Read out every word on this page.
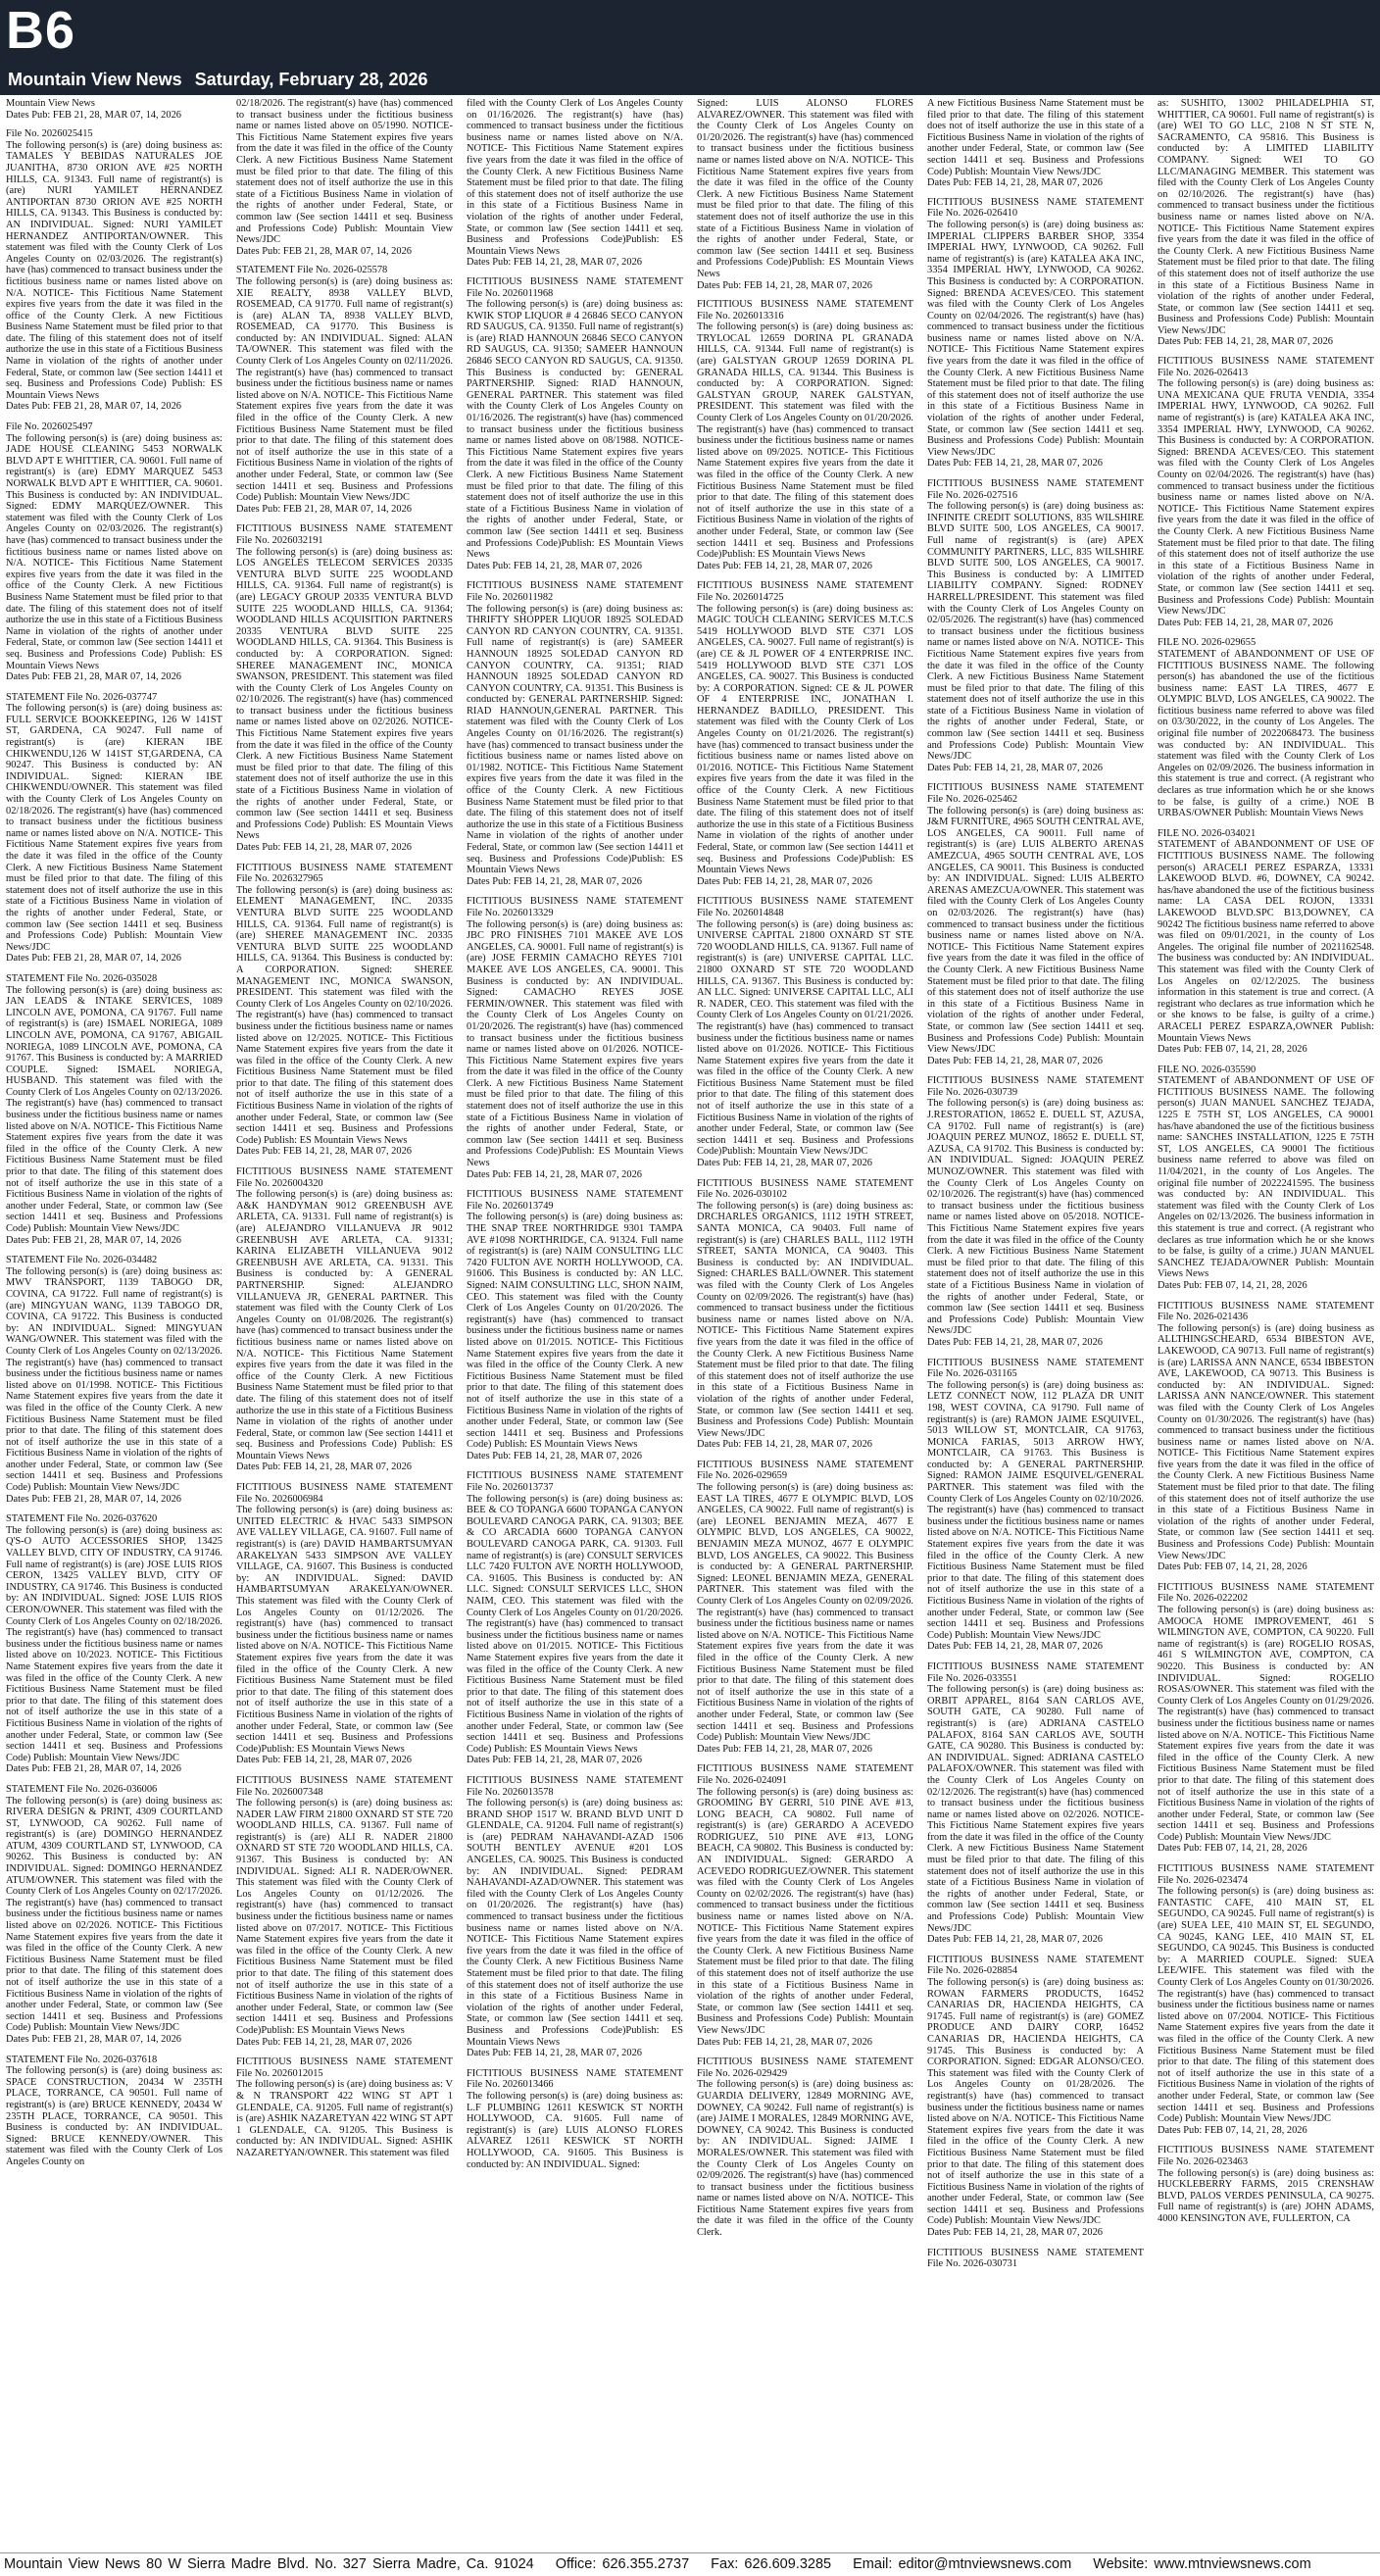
B6
Mountain View News Saturday, February 28, 2026
Mountain View News
Dates Pub: FEB 21, 28, MAR 07, 14, 2026
File No. 2026025415
The following person(s) is (are) doing business as: TAMALES Y BEBIDAS NATURALES JOE JUANITHA, 8730 ORION AVE #25 NORTH HILLS, CA. 91343. Full name of registrant(s) is (are) NURI YAMILET HERNANDEZ ANTIPORTAN 8730 ORION AVE #25 NORTH HILLS, CA. 91343. This Business is conducted by: AN INDIVIDUAL. Signed: NURI YAMILET HERNANDEZ ANTIPORTAN/OWNER. This statement was filed with the County Clerk of Los Angeles County on 02/03/2026. The registrant(s) have (has) commenced to transact business under the fictitious business name or names listed above on N/A. NOTICE- This Fictitious Name Statement expires five years from the date it was filed in the office of the County Clerk. A new Fictitious Business Name Statement must be filed prior to that date. The filing of this statement does not of itself authorize the use in this state of a Fictitious Business Name in violation of the rights of another under Federal, State, or common law (See section 14411 et seq. Business and Professions Code) Publish: ES Mountain Views News
Dates Pub: FEB 21, 28, MAR 07, 14, 2026
File No. 2026025497
The following person(s) is (are) doing business as: JADE HOUSE CLEANING 5453 NORWALK BLVD APT E WHITTIER, CA. 90601. Full name of registrant(s) is (are) EDMY MARQUEZ 5453 NORWALK BLVD APT E WHITTIER, CA. 90601. This Business is conducted by: AN INDIVIDUAL. Signed: EDMY MARQUEZ/OWNER. This statement was filed with the County Clerk of Los Angeles County on 02/03/2026. The registrant(s) have (has) commenced to transact business under the fictitious business name or names listed above on N/A. NOTICE- This Fictitious Name Statement expires five years from the date it was filed in the office of the County Clerk. A new Fictitious Business Name Statement must be filed prior to that date. The filing of this statement does not of itself authorize the use in this state of a Fictitious Business Name in violation of the rights of another under Federal, State, or common law (See section 14411 et seq. Business and Professions Code) Publish: ES Mountain Views News
Dates Pub: FEB 21, 28, MAR 07, 14, 2026
STATEMENT File No. 2026-037747
The following person(s) is (are) doing business as: FULL SERVICE BOOKKEEPING, 126 W 141ST ST, GARDENA, CA 90247. Full name of registrant(s) is (are) KIERAN IBE CHIKWENDU,126 W 141ST ST,GARDENA, CA 90247. This Business is conducted by: AN INDIVIDUAL. Signed: KIERAN IBE CHIKWENDU/OWNER. This statement was filed with the County Clerk of Los Angeles County on 02/18/2026. The registrant(s) have (has) commenced to transact business under the fictitious business name or names listed above on N/A. NOTICE- This Fictitious Name Statement expires five years from the date it was filed in the office of the County Clerk. A new Fictitious Business Name Statement must be filed prior to that date. The filing of this statement does not of itself authorize the use in this state of a Fictitious Business Name in violation of the rights of another under Federal, State, or common law (See section 14411 et seq. Business and Professions Code) Publish: Mountain View News/JDC
Dates Pub: FEB 21, 28, MAR 07, 14, 2026
STATEMENT File No. 2026-035028
The following person(s) is (are) doing business as: JAN LEADS & INTAKE SERVICES, 1089 LINCOLN AVE, POMONA, CA 91767. Full name of registrant(s) is (are) ISMAEL NORIEGA, 1089 LINCOLN AVE, POMONA, CA 91767, ABIGAIL NORIEGA, 1089 LINCOLN AVE, POMONA, CA 91767. This Business is conducted by: A MARRIED COUPLE. Signed: ISMAEL NORIEGA, HUSBAND. This statement was filed with the County Clerk of Los Angeles County on 02/13/2026. The registrant(s) have (has) commenced to transact business under the fictitious business name or names listed above on N/A. NOTICE- This Fictitious Name Statement expires five years from the date it was filed in the office of the County Clerk. A new Fictitious Business Name Statement must be filed prior to that date. The filing of this statement does not of itself authorize the use in this state of a Fictitious Business Name in violation of the rights of another under Federal, State, or common law (See section 14411 et seq. Business and Professions Code) Publish: Mountain View News/JDC
Dates Pub: FEB 21, 28, MAR 07, 14, 2026
STATEMENT File No. 2026-034482
The following person(s) is (are) doing business as: MWV TRANSPORT, 1139 TABOGO DR, COVINA, CA 91722. Full name of registrant(s) is (are) MINGYUAN WANG, 1139 TABOGO DR, COVINA, CA 91722. This Business is conducted by: AN INDIVIDUAL. Signed: MINGYUAN WANG/OWNER. This statement was filed with the County Clerk of Los Angeles County on 02/13/2026. The registrant(s) have (has) commenced to transact business under the fictitious business name or names listed above on 01/1998. NOTICE- This Fictitious Name Statement expires five years from the date it was filed in the office of the County Clerk. A new Fictitious Business Name Statement must be filed prior to that date. The filing of this statement does not of itself authorize the use in this state of a Fictitious Business Name in violation of the rights of another under Federal, State, or common law (See section 14411 et seq. Business and Professions Code) Publish: Mountain View News/JDC
Dates Pub: FEB 21, 28, MAR 07, 14, 2026
STATEMENT File No. 2026-037620
The following person(s) is (are) doing business as: Q'S-O AUTO ACCESSORIES SHOP, 13425 VALLEY BLVD, CITY OF INDUSTRY, CA 91746. Full name of registrant(s) is (are) JOSE LUIS RIOS CERON, 13425 VALLEY BLVD, CITY OF INDUSTRY, CA 91746. This Business is conducted by: AN INDIVIDUAL. Signed: JOSE LUIS RIOS CERON/OWNER. This statement was filed with the County Clerk of Los Angeles County on 02/18/2026. The registrant(s) have (has) commenced to transact business under the fictitious business name or names listed above on 10/2023. NOTICE- This Fictitious Name Statement expires five years from the date it was filed in the office of the County Clerk. A new Fictitious Business Name Statement must be filed prior to that date. The filing of this statement does not of itself authorize the use in this state of a Fictitious Business Name in violation of the rights of another under Federal, State, or common law (See section 14411 et seq. Business and Professions Code) Publish: Mountain View News/JDC
Dates Pub: FEB 21, 28, MAR 07, 14, 2026
STATEMENT File No. 2026-036006
The following person(s) is (are) doing business as: RIVERA DESIGN & PRINT, 4309 COURTLAND ST, LYNWOOD, CA 90262. Full name of registrant(s) is (are) DOMINGO HERNANDEZ ATUM, 4309 COURTLAND ST, LYNWOOD, CA 90262. This Business is conducted by: AN INDIVIDUAL. Signed: DOMINGO HERNANDEZ ATUM/OWNER. This statement was filed with the County Clerk of Los Angeles County on 02/17/2026. The registrant(s) have (has) commenced to transact business under the fictitious business name or names listed above on 02/2026. NOTICE- This Fictitious Name Statement expires five years from the date it was filed in the office of the County Clerk. A new Fictitious Business Name Statement must be filed prior to that date. The filing of this statement does not of itself authorize the use in this state of a Fictitious Business Name in violation of the rights of another under Federal, State, or common law (See section 14411 et seq. Business and Professions Code) Publish: Mountain View News/JDC
Dates Pub: FEB 21, 28, MAR 07, 14, 2026
STATEMENT File No. 2026-037618
The following person(s) is (are) doing business as: SPACE CONSTRUCTION, 20434 W 235TH PLACE, TORRANCE, CA 90501. Full name of registrant(s) is (are) BRUCE KENNEDY, 20434 W 235TH PLACE, TORRANCE, CA 90501. This Business is conducted by: AN INDIVIDUAL. Signed: BRUCE KENNEDY/OWNER. This statement was filed with the County Clerk of Los Angeles County on
02/18/2026. The registrant(s) have (has) commenced to transact business under the fictitious business name or names listed above on 05/1990. NOTICE- This Fictitious Name Statement expires five years from the date it was filed in the office of the County Clerk. A new Fictitious Business Name Statement must be filed prior to that date. The filing of this statement does not of itself authorize the use in this state of a Fictitious Business Name in violation of the rights of another under Federal, State, or common law (See section 14411 et seq. Business and Professions Code) Publish: Mountain View News/JDC
Dates Pub: FEB 21, 28, MAR 07, 14, 2026
STATEMENT File No. 2026-025578
The following person(s) is (are) doing business as: XIE REALTY, 8938 VALLEY BLVD, ROSEMEAD, CA 91770. Full name of registrant(s) is (are) ALAN TA, 8938 VALLEY BLVD, ROSEMEAD, CA 91770. This Business is conducted by: AN INDIVIDUAL. Signed: ALAN TA/OWNER. This statement was filed with the County Clerk of Los Angeles County on 02/11/2026. The registrant(s) have (has) commenced to transact business under the fictitious business name or names listed above on N/A. NOTICE- This Fictitious Name Statement expires five years from the date it was filed in the office of the County Clerk. A new Fictitious Business Name Statement must be filed prior to that date. The filing of this statement does not of itself authorize the use in this state of a Fictitious Business Name in violation of the rights of another under Federal, State, or common law (See section 14411 et seq. Business and Professions Code) Publish: Mountain View News/JDC
Dates Pub: FEB 21, 28, MAR 07, 14, 2026
FICTITIOUS BUSINESS NAME STATEMENT File No. 2026032191
The following person(s) is (are) doing business as: LOS ANGELES TELECOM SERVICES 20335 VENTURA BLVD SUITE 225 WOODLAND HILLS, CA. 91364. Full name of registrant(s) is (are) LEGACY GROUP 20335 VENTURA BLVD SUITE 225 WOODLAND HILLS, CA. 91364; WOODLAND HILLS ACQUISITION PARTNERS 20335 VENTURA BLVD SUITE 225 WOODLAND HILLS, CA. 91364. This Business is conducted by: A CORPORATION. Signed: SHEREE MANAGEMENT INC, MONICA SWANSON, PRESIDENT. This statement was filed with the County Clerk of Los Angeles County on 02/10/2026. The registrant(s) have (has) commenced to transact business under the fictitious business name or names listed above on 02/2026. NOTICE- This Fictitious Name Statement expires five years from the date it was filed in the office of the County Clerk. A new Fictitious Business Name Statement must be filed prior to that date. The filing of this statement does not of itself authorize the use in this state of a Fictitious Business Name in violation of the rights of another under Federal, State, or common law (See section 14411 et seq. Business and Professions Code) Publish: ES Mountain Views News
Dates Pub: FEB 14, 21, 28, MAR 07, 2026
FICTITIOUS BUSINESS NAME STATEMENT File No. 2026327965
The following person(s) is (are) doing business as: ELEMENT MANAGEMENT, INC. 20335 VENTURA BLVD SUITE 225 WOODLAND HILLS, CA. 91364. Full name of registrant(s) is (are) SHEREE MANAGEMENT INC. 20335 VENTURA BLVD SUITE 225 WOODLAND HILLS, CA. 91364. This Business is conducted by: A CORPORATION. Signed: SHEREE MANAGEMENT INC, MONICA SWANSON, PRESIDENT. This statement was filed with the County Clerk of Los Angeles County on 02/10/2026. The registrant(s) have (has) commenced to transact business under the fictitious business name or names listed above on 12/2025. NOTICE- This Fictitious Name Statement expires five years from the date it was filed in the office of the County Clerk. A new Fictitious Business Name Statement must be filed prior to that date. The filing of this statement does not of itself authorize the use in this state of a Fictitious Business Name in violation of the rights of another under Federal, State, or common law (See section 14411 et seq. Business and Professions Code) Publish: ES Mountain Views News
Dates Pub: FEB 14, 21, 28, MAR 07, 2026
FICTITIOUS BUSINESS NAME STATEMENT File No. 2026004320
The following person(s) is (are) doing business as: A&K HANDYMAN 9012 GREENBUSH AVE ARLETA, CA. 91331. Full name of registrant(s) is (are) ALEJANDRO VILLANUEVA JR 9012 GREENBUSH AVE ARLETA, CA. 91331; KARINA ELIZABETH VILLANUEVA 9012 GREENBUSH AVE ARLETA, CA. 91331. This Business is conducted by: A GENERAL PARTNERSHIP. Signed: ALEJANDRO VILLANUEVA JR, GENERAL PARTNER. This statement was filed with the County Clerk of Los Angeles County on 01/08/2026. The registrant(s) have (has) commenced to transact business under the fictitious business name or names listed above on N/A. NOTICE- This Fictitious Name Statement expires five years from the date it was filed in the office of the County Clerk. A new Fictitious Business Name Statement must be filed prior to that date. The filing of this statement does not of itself authorize the use in this state of a Fictitious Business Name in violation of the rights of another under Federal, State, or common law (See section 14411 et seq. Business and Professions Code) Publish: ES Mountain Views News
Dates Pub: FEB 14, 21, 28, MAR 07, 2026
FICTITIOUS BUSINESS NAME STATEMENT File No. 2026006984
The following person(s) is (are) doing business as: UNITED ELECTRIC & HVAC 5433 SIMPSON AVE VALLEY VILLAGE, CA. 91607. Full name of registrant(s) is (are) DAVID HAMBARTSUMYAN ARAKELYAN 5433 SIMPSON AVE VALLEY VILLAGE, CA. 91607. This Business is conducted by: AN INDIVIDUAL. Signed: DAVID HAMBARTSUMYAN ARAKELYAN/OWNER. This statement was filed with the County Clerk of Los Angeles County on 01/12/2026. The registrant(s) have (has) commenced to transact business under the fictitious business name or names listed above on N/A. NOTICE- This Fictitious Name Statement expires five years from the date it was filed in the office of the County Clerk. A new Fictitious Business Name Statement must be filed prior to that date. The filing of this statement does not of itself authorize the use in this state of a Fictitious Business Name in violation of the rights of another under Federal, State, or common law (See section 14411 et seq. Business and Professions Code)Publish: ES Mountain Views News
Dates Pub: FEB 14, 21, 28, MAR 07, 2026
FICTITIOUS BUSINESS NAME STATEMENT File No. 2026007348
The following person(s) is (are) doing business as: NADER LAW FIRM 21800 OXNARD ST STE 720 WOODLAND HILLS, CA. 91367. Full name of registrant(s) is (are) ALI R. NADER 21800 OXNARD ST STE 720 WOODLAND HILLS, CA. 91367. This Business is conducted by: AN INDIVIDUAL. Signed: ALI R. NADER/OWNER. This statement was filed with the County Clerk of Los Angeles County on 01/12/2026. The registrant(s) have (has) commenced to transact business under the fictitious business name or names listed above on 07/2017. NOTICE- This Fictitious Name Statement expires five years from the date it was filed in the office of the County Clerk. A new Fictitious Business Name Statement must be filed prior to that date. The filing of this statement does not of itself authorize the use in this state of a Fictitious Business Name in violation of the rights of another under Federal, State, or common law (See section 14411 et seq. Business and Professions Code)Publish: ES Mountain Views News
Dates Pub: FEB 14, 21, 28, MAR 07, 2026
FICTITIOUS BUSINESS NAME STATEMENT File No. 2026012015
The following person(s) is (are) doing business as: V & N TRANSPORT 422 WING ST APT 1 GLENDALE, CA. 91205. Full name of registrant(s) is (are) ASHIK NAZARETYAN 422 WING ST APT 1 GLENDALE, CA. 91205. This Business is conducted by: AN INDIVIDUAL. Signed: ASHIK NAZARETYAN/OWNER. This statement was filed
filed with the County Clerk of Los Angeles County on 01/16/2026. The registrant(s) have (has) commenced to transact business under the fictitious business name or names listed above on N/A. NOTICE- This Fictitious Name Statement expires five years from the date it was filed in the office of the County Clerk. A new Fictitious Business Name Statement must be filed prior to that date. The filing of this statement does not of itself authorize the use in this state of a Fictitious Business Name in violation of the rights of another under Federal, State, or common law (See section 14411 et seq. Business and Professions Code)Publish: ES Mountain Views News
Dates Pub: FEB 14, 21, 28, MAR 07, 2026
FICTITIOUS BUSINESS NAME STATEMENT File No. 2026011968
The following person(s) is (are) doing business as: KWIK STOP LIQUOR # 4 26846 SECO CANYON RD SAUGUS, CA. 91350. Full name of registrant(s) is (are) RIAD HANNOUN 26846 SECO CANYON RD SAUGUS, CA. 91350; SAMEER HANNOUN 26846 SECO CANYON RD SAUGUS, CA. 91350. This Business is conducted by: GENERAL PARTNERSHIP. Signed: RIAD HANNOUN, GENERAL PARTNER. This statement was filed with the County Clerk of Los Angeles County on 01/16/2026. The registrant(s) have (has) commenced to transact business under the fictitious business name or names listed above on 08/1988. NOTICE- This Fictitious Name Statement expires five years from the date it was filed in the office of the County Clerk. A new Fictitious Business Name Statement must be filed prior to that date. The filing of this statement does not of itself authorize the use in this state of a Fictitious Business Name in violation of the rights of another under Federal, State, or common law (See section 14411 et seq. Business and Professions Code)Publish: ES Mountain Views News
Dates Pub: FEB 14, 21, 28, MAR 07, 2026
FICTITIOUS BUSINESS NAME STATEMENT File No. 2026011982
The following person(s) is (are) doing business as: THRIFTY SHOPPER LIQUOR 18925 SOLEDAD CANYON RD CANYON COUNTRY, CA. 91351. Full name of registrant(s) is (are) SAMEER HANNOUN 18925 SOLEDAD CANYON RD CANYON COUNTRY, CA. 91351; RIAD HANNOUN 18925 SOLEDAD CANYON RD CANYON COUNTRY, CA. 91351. This Business is conducted by: GENERAL PARTNERSHIP. Signed: RIAD HANNOUN,GENERAL PARTNER. This statement was filed with the County Clerk of Los Angeles County on 01/16/2026. The registrant(s) have (has) commenced to transact business under the fictitious business name or names listed above on 01/1982. NOTICE- This Fictitious Name Statement expires five years from the date it was filed in the office of the County Clerk. A new Fictitious Business Name Statement must be filed prior to that date. The filing of this statement does not of itself authorize the use in this state of a Fictitious Business Name in violation of the rights of another under Federal, State, or common law (See section 14411 et seq. Business and Professions Code)Publish: ES Mountain Views News
Dates Pub: FEB 14, 21, 28, MAR 07, 2026
FICTITIOUS BUSINESS NAME STATEMENT File No. 2026013329
The following person(s) is (are) doing business as: JBC PRO FINISHES 7101 MAKEE AVE LOS ANGELES, CA. 90001. Full name of registrant(s) is (are) JOSE FERMIN CAMACHO REYES 7101 MAKEE AVE LOS ANGELES, CA. 90001. This Business is conducted by: AN INDIVIDUAL. Signed: CAMACHO REYES JOSE FERMIN/OWNER. This statement was filed with the County Clerk of Los Angeles County on 01/20/2026. The registrant(s) have (has) commenced to transact business under the fictitious business name or names listed above on 01/2026. NOTICE- This Fictitious Name Statement expires five years from the date it was filed in the office of the County Clerk. A new Fictitious Business Name Statement must be filed prior to that date. The filing of this statement does not of itself authorize the use in this state of a Fictitious Business Name in violation of the rights of another under Federal, State, or common law (See section 14411 et seq. Business and Professions Code)Publish: ES Mountain Views News
Dates Pub: FEB 14, 21, 28, MAR 07, 2026
FICTITIOUS BUSINESS NAME STATEMENT File No. 2026013749
The following person(s) is (are) doing business as: THE SNAP TREE NORTHRIDGE 9301 TAMPA AVE #1098 NORTHRIDGE, CA. 91324. Full name of registrant(s) is (are) NAIM CONSULTING LLC 7420 FULTON AVE NORTH HOLLYWOOD, CA. 91606. This Business is conducted by: AN LLC. Signed: NAIM CONSULTING LLC, SHON NAIM, CEO. This statement was filed with the County Clerk of Los Angeles County on 01/20/2026. The registrant(s) have (has) commenced to transact business under the fictitious business name or names listed above on 01/2015. NOTICE- This Fictitious Name Statement expires five years from the date it was filed in the office of the County Clerk. A new Fictitious Business Name Statement must be filed prior to that date. The filing of this statement does not of itself authorize the use in this state of a Fictitious Business Name in violation of the rights of another under Federal, State, or common law (See section 14411 et seq. Business and Professions Code) Publish: ES Mountain Views News
Dates Pub: FEB 14, 21, 28, MAR 07, 2026
FICTITIOUS BUSINESS NAME STATEMENT File No. 2026013737
The following person(s) is (are) doing business as: BEE & CO TOPANGA 6600 TOPANGA CANYON BOULEVARD CANOGA PARK, CA. 91303; BEE & CO ARCADIA 6600 TOPANGA CANYON BOULEVARD CANOGA PARK, CA. 91303. Full name of registrant(s) is (are) CONSULT SERVICES LLC 7420 FULTON AVE NORTH HOLLYWOOD, CA. 91605. This Business is conducted by: AN LLC. Signed: CONSULT SERVICES LLC, SHON NAIM, CEO. This statement was filed with the County Clerk of Los Angeles County on 01/20/2026. The registrant(s) have (has) commenced to transact business under the fictitious business name or names listed above on 01/2015. NOTICE- This Fictitious Name Statement expires five years from the date it was filed in the office of the County Clerk. A new Fictitious Business Name Statement must be filed prior to that date. The filing of this statement does not of itself authorize the use in this state of a Fictitious Business Name in violation of the rights of another under Federal, State, or common law (See section 14411 et seq. Business and Professions Code) Publish: ES Mountain Views News
Dates Pub: FEB 14, 21, 28, MAR 07, 2026
FICTITIOUS BUSINESS NAME STATEMENT File No. 2026013578
The following person(s) is (are) doing business as: BRAND SHOP 1517 W. BRAND BLVD UNIT D GLENDALE, CA. 91204. Full name of registrant(s) is (are) PEDRAM NAHAVANDI-AZAD 1506 SOUTH BENTLEY AVENUE #201 LOS ANGELES, CA. 90025. This Business is conducted by: AN INDIVIDUAL. Signed: PEDRAM NAHAVANDI-AZAD/OWNER. This statement was filed with the County Clerk of Los Angeles County on 01/20/2026. The registrant(s) have (has) commenced to transact business under the fictitious business name or names listed above on N/A. NOTICE- This Fictitious Name Statement expires five years from the date it was filed in the office of the County Clerk. A new Fictitious Business Name Statement must be filed prior to that date. The filing of this statement does not of itself authorize the use in this state of a Fictitious Business Name in violation of the rights of another under Federal, State, or common law (See section 14411 et seq. Business and Professions Code)Publish: ES Mountain Views News
Dates Pub: FEB 14, 21, 28, MAR 07, 2026
FICTITIOUS BUSINESS NAME STATEMENT File No. 2026013466
The following person(s) is (are) doing business as: L.F PLUMBING 12611 KESWICK ST NORTH HOLLYWOOD, CA. 91605. Full name of registrant(s) is (are) LUIS ALONSO FLORES ALVAREZ 12611 KESWICK ST NORTH HOLLYWOOD, CA. 91605. This Business is conducted by: AN INDIVIDUAL. Signed:
Signed: LUIS ALONSO FLORES ALVAREZ/OWNER. This statement was filed with the County Clerk of Los Angeles County on 01/20/2026. The registrant(s) have (has) commenced to transact business under the fictitious business name or names listed above on N/A. NOTICE- This Fictitious Name Statement expires five years from the date it was filed in the office of the County Clerk. A new Fictitious Business Name Statement must be filed prior to that date. The filing of this statement does not of itself authorize the use in this state of a Fictitious Business Name in violation of the rights of another under Federal, State, or common law (See section 14411 et seq. Business and Professions Code)Publish: ES Mountain Views News
Dates Pub: FEB 14, 21, 28, MAR 07, 2026
FICTITIOUS BUSINESS NAME STATEMENT File No. 2026013316
The following person(s) is (are) doing business as: TRYLOCAL 12659 DORINA PL GRANADA HILLS, CA. 91344. Full name of registrant(s) is (are) GALSTYAN GROUP 12659 DORINA PL GRANADA HILLS, CA. 91344. This Business is conducted by: A CORPORATION. Signed: GALSTYAN GROUP, NAREK GALSTYAN, PRESIDENT. This statement was filed with the County Clerk of Los Angeles County on 01/20/2026. The registrant(s) have (has) commenced to transact business under the fictitious business name or names listed above on 09/2025. NOTICE- This Fictitious Name Statement expires five years from the date it was filed in the office of the County Clerk. A new Fictitious Business Name Statement must be filed prior to that date. The filing of this statement does not of itself authorize the use in this state of a Fictitious Business Name in violation of the rights of another under Federal, State, or common law (See section 14411 et seq. Business and Professions Code)Publish: ES Mountain Views News
Dates Pub: FEB 14, 21, 28, MAR 07, 2026
FICTITIOUS BUSINESS NAME STATEMENT File No. 2026014725
The following person(s) is (are) doing business as: MAGIC TOUCH CLEANING SERVICES M.T.C.S 5419 HOLLYWOOD BLVD STE C371 LOS ANGELES, CA. 90027. Full name of registrant(s) is (are) CE & JL POWER OF 4 ENTERPRISE INC. 5419 HOLLYWOOD BLVD STE C371 LOS ANGELES, CA. 90027. This Business is conducted by: A CORPORATION. Signed: CE & JL POWER OF 4 ENTERPRISE INC, JONATHAN I. HERNANDEZ BADILLO, PRESIDENT. This statement was filed with the County Clerk of Los Angeles County on 01/21/2026. The registrant(s) have (has) commenced to transact business under the fictitious business name or names listed above on 01/2016. NOTICE- This Fictitious Name Statement expires five years from the date it was filed in the office of the County Clerk. A new Fictitious Business Name Statement must be filed prior to that date. The filing of this statement does not of itself authorize the use in this state of a Fictitious Business Name in violation of the rights of another under Federal, State, or common law (See section 14411 et seq. Business and Professions Code)Publish: ES Mountain Views News
Dates Pub: FEB 14, 21, 28, MAR 07, 2026
FICTITIOUS BUSINESS NAME STATEMENT File No. 2026014848
The following person(s) is (are) doing business as: UNIVERSE CAPITAL 21800 OXNARD ST STE 720 WOODLAND HILLS, CA. 91367. Full name of registrant(s) is (are) UNIVERSE CAPITAL LLC. 21800 OXNARD ST STE 720 WOODLAND HILLS, CA. 91367. This Business is conducted by: AN LLC. Signed: UNIVERSE CAPITAL LLC, ALI R. NADER, CEO. This statement was filed with the County Clerk of Los Angeles County on 01/21/2026. The registrant(s) have (has) commenced to transact business under the fictitious business name or names listed above on 01/2026. NOTICE- This Fictitious Name Statement expires five years from the date it was filed in the office of the County Clerk. A new Fictitious Business Name Statement must be filed prior to that date. The filing of this statement does not of itself authorize the use in this state of a Fictitious Business Name in violation of the rights of another under Federal, State, or common law (See section 14411 et seq. Business and Professions Code)Publish: Mountain View News/JDC
Dates Pub: FEB 14, 21, 28, MAR 07, 2026
FICTITIOUS BUSINESS NAME STATEMENT File No. 2026-030102
The following person(s) is (are) doing business as: DRCHARLES ORGANICS, 1112 19TH STREET, SANTA MONICA, CA 90403. Full name of registrant(s) is (are) CHARLES BALL, 1112 19TH STREET, SANTA MONICA, CA 90403. This Business is conducted by: AN INDIVIDUAL. Signed: CHARLES BALL/OWNER. This statement was filed with the County Clerk of Los Angeles County on 02/09/2026. The registrant(s) have (has) commenced to transact business under the fictitious business name or names listed above on N/A. NOTICE- This Fictitious Name Statement expires five years from the date it was filed in the office of the County Clerk. A new Fictitious Business Name Statement must be filed prior to that date. The filing of this statement does not of itself authorize the use in this state of a Fictitious Business Name in violation of the rights of another under Federal, State, or common law (See section 14411 et seq. Business and Professions Code) Publish: Mountain View News/JDC
Dates Pub: FEB 14, 21, 28, MAR 07, 2026
FICTITIOUS BUSINESS NAME STATEMENT File No. 2026-029659
The following person(s) is (are) doing business as: EAST LA TIRES, 4677 E OLYMPIC BLVD, LOS ANGELES, CA 90022. Full name of registrant(s) is (are) LEONEL BENJAMIN MEZA, 4677 E OLYMPIC BLVD, LOS ANGELES, CA 90022, BENJAMIN MEZA MUNOZ, 4677 E OLYMPIC BLVD, LOS ANGELES, CA 90022. This Business is conducted by: A GENERAL PARTNERSHIP. Signed: LEONEL BENJAMIN MEZA, GENERAL PARTNER. This statement was filed with the County Clerk of Los Angeles County on 02/09/2026. The registrant(s) have (has) commenced to transact business under the fictitious business name or names listed above on N/A. NOTICE- This Fictitious Name Statement expires five years from the date it was filed in the office of the County Clerk. A new Fictitious Business Name Statement must be filed prior to that date. The filing of this statement does not of itself authorize the use in this state of a Fictitious Business Name in violation of the rights of another under Federal, State, or common law (See section 14411 et seq. Business and Professions Code) Publish: Mountain View News/JDC
Dates Pub: FEB 14, 21, 28, MAR 07, 2026
FICTITIOUS BUSINESS NAME STATEMENT File No. 2026-024091
The following person(s) is (are) doing business as: GROOMING BY GERRI, 510 PINE AVE #13, LONG BEACH, CA 90802. Full name of registrant(s) is (are) GERARDO A ACEVEDO RODRIGUEZ, 510 PINE AVE #13, LONG BEACH, CA 90802. This Business is conducted by: AN INDIVIDUAL. Signed: GERARDO A ACEVEDO RODRIGUEZ/OWNER. This statement was filed with the County Clerk of Los Angeles County on 02/02/2026. The registrant(s) have (has) commenced to transact business under the fictitious business name or names listed above on N/A. NOTICE- This Fictitious Name Statement expires five years from the date it was filed in the office of the County Clerk. A new Fictitious Business Name Statement must be filed prior to that date. The filing of this statement does not of itself authorize the use in this state of a Fictitious Business Name in violation of the rights of another under Federal, State, or common law (See section 14411 et seq. Business and Professions Code) Publish: Mountain View News/JDC
Dates Pub: FEB 14, 21, 28, MAR 07, 2026
FICTITIOUS BUSINESS NAME STATEMENT File No. 2026-029429
The following person(s) is (are) doing business as: GUARDIA DELIVERY, 12849 MORNING AVE, DOWNEY, CA 90242. Full name of registrant(s) is (are) JAIME I MORALES, 12849 MORNING AVE, DOWNEY, CA 90242. This Business is conducted by: AN INDIVIDUAL. Signed: JAIME I MORALES/OWNER. This statement was filed with the County Clerk of Los Angeles County on 02/09/2026. The registrant(s) have (has) commenced to transact business under the fictitious business name or names listed above on N/A. NOTICE- This Fictitious Name Statement expires five years from the date it was filed in the office of the County Clerk.
A new Fictitious Business Name Statement must be filed prior to that date. The filing of this statement does not of itself authorize the use in this state of a Fictitious Business Name in violation of the rights of another under Federal, State, or common law (See section 14411 et seq. Business and Professions Code) Publish: Mountain View News/JDC
Dates Pub: FEB 14, 21, 28, MAR 07, 2026
FICTITIOUS BUSINESS NAME STATEMENT File No. 2026-026410
The following person(s) is (are) doing business as: IMPERIAL CLIPPERS BARBER SHOP, 3354 IMPERIAL HWY, LYNWOOD, CA 90262. Full name of registrant(s) is (are) KATALEA AKA INC, 3354 IMPERIAL HWY, LYNWOOD, CA 90262. This Business is conducted by: A CORPORATION. Signed: BRENDA ACEVES/CEO. This statement was filed with the County Clerk of Los Angeles County on 02/04/2026. The registrant(s) have (has) commenced to transact business under the fictitious business name or names listed above on N/A. NOTICE- This Fictitious Name Statement expires five years from the date it was filed in the office of the County Clerk. A new Fictitious Business Name Statement must be filed prior to that date. The filing of this statement does not of itself authorize the use in this state of a Fictitious Business Name in violation of the rights of another under Federal, State, or common law (See section 14411 et seq. Business and Professions Code) Publish: Mountain View News/JDC
Dates Pub: FEB 14, 21, 28, MAR 07, 2026
FICTITIOUS BUSINESS NAME STATEMENT File No. 2026-027516
The following person(s) is (are) doing business as: INFINITE CREDIT SOLUTIONS, 835 WILSHIRE BLVD SUITE 500, LOS ANGELES, CA 90017. Full name of registrant(s) is (are) APEX COMMUNITY PARTNERS, LLC, 835 WILSHIRE BLVD SUITE 500, LOS ANGELES, CA 90017. This Business is conducted by: A LIMITED LIABILITY COMPANY. Signed: RODNEY HARRELL/PRESIDENT. This statement was filed with the County Clerk of Los Angeles County on 02/05/2026. The registrant(s) have (has) commenced to transact business under the fictitious business name or names listed above on N/A. NOTICE- This Fictitious Name Statement expires five years from the date it was filed in the office of the County Clerk. A new Fictitious Business Name Statement must be filed prior to that date. The filing of this statement does not of itself authorize the use in this state of a Fictitious Business Name in violation of the rights of another under Federal, State, or common law (See section 14411 et seq. Business and Professions Code) Publish: Mountain View News/JDC
Dates Pub: FEB 14, 21, 28, MAR 07, 2026
FICTITIOUS BUSINESS NAME STATEMENT File No. 2026-025462
The following person(s) is (are) doing business as: J&M FURNITURE, 4965 SOUTH CENTRAL AVE, LOS ANGELES, CA 90011. Full name of registrant(s) is (are) LUIS ALBERTO ARENAS AMEZCUA, 4965 SOUTH CENTRAL AVE, LOS ANGELES, CA 90011. This Business is conducted by: AN INDIVIDUAL. Signed: LUIS ALBERTO ARENAS AMEZCUA/OWNER. This statement was filed with the County Clerk of Los Angeles County on 02/03/2026. The registrant(s) have (has) commenced to transact business under the fictitious business name or names listed above on N/A. NOTICE- This Fictitious Name Statement expires five years from the date it was filed in the office of the County Clerk. A new Fictitious Business Name Statement must be filed prior to that date. The filing of this statement does not of itself authorize the use in this state of a Fictitious Business Name in violation of the rights of another under Federal, State, or common law (See section 14411 et seq. Business and Professions Code) Publish: Mountain View News/JDC
Dates Pub: FEB 14, 21, 28, MAR 07, 2026
FICTITIOUS BUSINESS NAME STATEMENT File No. 2026-030739
The following person(s) is (are) doing business as: J.RESTORATION, 18652 E. DUELL ST, AZUSA, CA 91702. Full name of registrant(s) is (are) JOAQUIN PEREZ MUNOZ, 18652 E. DUELL ST, AZUSA, CA 91702. This Business is conducted by: AN INDIVIDUAL. Signed: JOAQUIN PEREZ MUNOZ/OWNER. This statement was filed with the County Clerk of Los Angeles County on 02/10/2026. The registrant(s) have (has) commenced to transact business under the fictitious business name or names listed above on 05/2018. NOTICE- This Fictitious Name Statement expires five years from the date it was filed in the office of the County Clerk. A new Fictitious Business Name Statement must be filed prior to that date. The filing of this statement does not of itself authorize the use in this state of a Fictitious Business Name in violation of the rights of another under Federal, State, or common law (See section 14411 et seq. Business and Professions Code) Publish: Mountain View News/JDC
Dates Pub: FEB 14, 21, 28, MAR 07, 2026
FICTITIOUS BUSINESS NAME STATEMENT File No. 2026-031165
The following person(s) is (are) doing business as: LETZ CONNECT NOW, 112 PLAZA DR UNIT 198, WEST COVINA, CA 91790. Full name of registrant(s) is (are) RAMON JAIME ESQUIVEL, 5013 WILLOW ST, MONTCLAIR, CA 91763, MONICA FARIAS, 5013 ARROW HWY, MONTCLAIR, CA 91763. This Business is conducted by: A GENERAL PARTNERSHIP. Signed: RAMON JAIME ESQUIVEL/GENERAL PARTNER. This statement was filed with the County Clerk of Los Angeles County on 02/10/2026. The registrant(s) have (has) commenced to transact business under the fictitious business name or names listed above on N/A. NOTICE- This Fictitious Name Statement expires five years from the date it was filed in the office of the County Clerk. A new Fictitious Business Name Statement must be filed prior to that date. The filing of this statement does not of itself authorize the use in this state of a Fictitious Business Name in violation of the rights of another under Federal, State, or common law (See section 14411 et seq. Business and Professions Code) Publish: Mountain View News/JDC
Dates Pub: FEB 14, 21, 28, MAR 07, 2026
FICTITIOUS BUSINESS NAME STATEMENT File No. 2026-033551
The following person(s) is (are) doing business as: ORBIT APPAREL, 8164 SAN CARLOS AVE, SOUTH GATE, CA 90280. Full name of registrant(s) is (are) ADRIANA CASTELO PALAFOX, 8164 SAN CARLOS AVE, SOUTH GATE, CA 90280. This Business is conducted by: AN INDIVIDUAL. Signed: ADRIANA CASTELO PALAFOX/OWNER. This statement was filed with the County Clerk of Los Angeles County on 02/12/2026. The registrant(s) have (has) commenced to transact business under the fictitious business name or names listed above on 02/2026. NOTICE- This Fictitious Name Statement expires five years from the date it was filed in the office of the County Clerk. A new Fictitious Business Name Statement must be filed prior to that date. The filing of this statement does not of itself authorize the use in this state of a Fictitious Business Name in violation of the rights of another under Federal, State, or common law (See section 14411 et seq. Business and Professions Code) Publish: Mountain View News/JDC
Dates Pub: FEB 14, 21, 28, MAR 07, 2026
FICTITIOUS BUSINESS NAME STATEMENT File No. 2026-028854
The following person(s) is (are) doing business as: ROWAN FARMERS PRODUCTS, 16452 CANARIAS DR, HACIENDA HEIGHTS, CA 91745. Full name of registrant(s) is (are) GOMEZ PRODUCE AND DAIRY CORP, 16452 CANARIAS DR, HACIENDA HEIGHTS, CA 91745. This Business is conducted by: A CORPORATION. Signed: EDGAR ALONSO/CEO. This statement was filed with the County Clerk of Los Angeles County on 01/28/2026. The registrant(s) have (has) commenced to transact business under the fictitious business name or names listed above on N/A. NOTICE- This Fictitious Name Statement expires five years from the date it was filed in the office of the County Clerk. A new Fictitious Business Name Statement must be filed prior to that date. The filing of this statement does not of itself authorize the use in this state of a Fictitious Business Name in violation of the rights of another under Federal, State, or common law (See section 14411 et seq. Business and Professions Code) Publish: Mountain View News/JDC
Dates Pub: FEB 14, 21, 28, MAR 07, 2026
FICTITIOUS BUSINESS NAME STATEMENT File No. 2026-030731
as: SUSHITO, 13002 PHILADELPHIA ST, WHITTIER, CA 90601. Full name of registrant(s) is (are) WEI TO GO LLC, 2108 N ST STE N, SACRAMENTO, CA 95816. This Business is conducted by: A LIMITED LIABILITY COMPANY. Signed: WEI TO GO LLC/MANAGING MEMBER. This statement was filed with the County Clerk of Los Angeles County on 02/10/2026. The registrant(s) have (has) commenced to transact business under the fictitious business name or names listed above on N/A. NOTICE- This Fictitious Name Statement expires five years from the date it was filed in the office of the County Clerk. A new Fictitious Business Name Statement must be filed prior to that date. The filing of this statement does not of itself authorize the use in this state of a Fictitious Business Name in violation of the rights of another under Federal, State, or common law (See section 14411 et seq. Business and Professions Code) Publish: Mountain View News/JDC
Dates Pub: FEB 14, 21, 28, MAR 07, 2026
FICTITIOUS BUSINESS NAME STATEMENT File No. 2026-026413
The following person(s) is (are) doing business as: UNA MEXICANA QUE FRUTA VENDIA, 3354 IMPERIAL HWY, LYNWOOD, CA 90262. Full name of registrant(s) is (are) KATALEA AKA INC, 3354 IMPERIAL HWY, LYNWOOD, CA 90262. This Business is conducted by: A CORPORATION. Signed: BRENDA ACEVES/CEO. This statement was filed with the County Clerk of Los Angeles County on 02/04/2026. The registrant(s) have (has) commenced to transact business under the fictitious business name or names listed above on N/A. NOTICE- This Fictitious Name Statement expires five years from the date it was filed in the office of the County Clerk. A new Fictitious Business Name Statement must be filed prior to that date. The filing of this statement does not of itself authorize the use in this state of a Fictitious Business Name in violation of the rights of another under Federal, State, or common law (See section 14411 et seq. Business and Professions Code) Publish: Mountain View News/JDC
Dates Pub: FEB 14, 21, 28, MAR 07, 2026
FILE NO. 2026-029655
STATEMENT of ABANDONMENT OF USE OF FICTITIOUS BUSINESS NAME. The following person(s) has abandoned the use of the fictitious business name: EAST LA TIRES, 4677 E OLYMPIC BLVD, LOS ANGELES, CA 90022. The fictitious business name referred to above was filed on 03/30/2022, in the county of Los Angeles. The original file number of 2022068473. The business was conducted by: AN INDIVIDUAL. This statement was filed with the County Clerk of Los Angeles on 02/09/2026. The business information in this statement is true and correct. (A registrant who declares as true information which he or she knows to be false, is guilty of a crime.) NOE B URBAS/OWNER Publish: Mountain Views News
FILE NO. 2026-034021
STATEMENT of ABANDONMENT OF USE OF FICTITIOUS BUSINESS NAME. The following person(s) ARACELI PEREZ ESPARZA, 13331 LAKEWOOD BLVD. #6, DOWNEY, CA 90242. has/have abandoned the use of the fictitious business name: LA CASA DEL ROJON, 13331 LAKEWOOD BLVD.SPC B13,DOWNEY, CA 90242 The fictitious business name referred to above was filed on 09/01/2021, in the county of Los Angeles. The original file number of 2021162548. The business was conducted by: AN INDIVIDUAL. This statement was filed with the County Clerk of Los Angeles on 02/12/2025. The business information in this statement is true and correct. (A registrant who declares as true information which he or she knows to be false, is guilty of a crime.) ARACELI PEREZ ESPARZA,OWNER Publish: Mountain Views News
Dates Pub: FEB 07, 14, 21, 28, 2026
FILE NO. 2026-035590
STATEMENT of ABANDONMENT OF USE OF FICTITIOUS BUSINESS NAME. The following person(s) JUAN MANUEL SANCHEZ TEJADA, 1225 E 75TH ST, LOS ANGELES, CA 90001 has/have abandoned the use of the fictitious business name: SANCHES INSTALLATION, 1225 E 75TH ST, LOS ANGELES, CA 90001 The fictitious business name referred to above was filed on 11/04/2021, in the county of Los Angeles. The original file number of 2022241595. The business was conducted by: AN INDIVIDUAL. This statement was filed with the County Clerk of Los Angeles on 02/13/2026. The business information in this statement is true and correct. (A registrant who declares as true information which he or she knows to be false, is guilty of a crime.) JUAN MANUEL SANCHEZ TEJADA/OWNER Publish: Mountain Views News
Dates Pub: FEB 07, 14, 21, 28, 2026
FICTITIOUS BUSINESS NAME STATEMENT File No. 2026-021436
The following person(s) is (are) doing business as ALLTHINGSCHEARD, 6534 BIBESTON AVE, LAKEWOOD, CA 90713. Full name of registrant(s) is (are) LARISSA ANN NANCE, 6534 IBBESTON AVE, LAKEWOOD, CA 90713. This Business is conducted by: AN INDIVIDUAL. Signed: LARISSA ANN NANCE/OWNER. This statement was filed with the County Clerk of Los Angeles County on 01/30/2026. The registrant(s) have (has) commenced to transact business under the fictitious business name or names listed above on N/A. NOTICE- This Fictitious Name Statement expires five years from the date it was filed in the office of the County Clerk. A new Fictitious Business Name Statement must be filed prior to that date. The filing of this statement does not of itself authorize the use in this state of a Fictitious Business Name in violation of the rights of another under Federal, State, or common law (See section 14411 et seq. Business and Professions Code) Publish: Mountain View News/JDC
Dates Pub: FEB 07, 14, 21, 28, 2026
FICTITIOUS BUSINESS NAME STATEMENT File No. 2026-022202
The following person(s) is (are) doing business as: AMOOCA HOME IMPROVEMENT, 461 S WILMINGTON AVE, COMPTON, CA 90220. Full name of registrant(s) is (are) ROGELIO ROSAS, 461 S WILMINGTON AVE, COMPTON, CA 90220. This Business is conducted by: AN INDIVIDUAL. Signed: ROGELIO ROSAS/OWNER. This statement was filed with the County Clerk of Los Angeles County on 01/29/2026. The registrant(s) have (has) commenced to transact business under the fictitious business name or names listed above on N/A. NOTICE- This Fictitious Name Statement expires five years from the date it was filed in the office of the County Clerk. A new Fictitious Business Name Statement must be filed prior to that date. The filing of this statement does not of itself authorize the use in this state of a Fictitious Business Name in violation of the rights of another under Federal, State, or common law (See section 14411 et seq. Business and Professions Code) Publish: Mountain View News/JDC
Dates Pub: FEB 07, 14, 21, 28, 2026
FICTITIOUS BUSINESS NAME STATEMENT File No. 2026-023474
The following person(s) is (are) doing business as: FANTASTIC CAFE, 410 MAIN ST, EL SEGUNDO, CA 90245. Full name of registrant(s) is (are) SUEA LEE, 410 MAIN ST, EL SEGUNDO, CA 90245, KANG LEE, 410 MAIN ST, EL SEGUNDO, CA 90245. This Business is conducted by: A MARRIED COUPLE. Signed: SUEA LEE/WIFE. This statement was filed with the County Clerk of Los Angeles County on 01/30/2026. The registrant(s) have (has) commenced to transact business under the fictitious business name or names listed above on 07/2004. NOTICE- This Fictitious Name Statement expires five years from the date it was filed in the office of the County Clerk. A new Fictitious Business Name Statement must be filed prior to that date. The filing of this statement does not of itself authorize the use in this state of a Fictitious Business Name in violation of the rights of another under Federal, State, or common law (See section 14411 et seq. Business and Professions Code) Publish: Mountain View News/JDC
Dates Pub: FEB 07, 14, 21, 28, 2026
FICTITIOUS BUSINESS NAME STATEMENT File No. 2026-023463
The following person(s) is (are) doing business as: HUCKLEBERRY FARMS, 2015 CRENSHAW BLVD, PALOS VERDES PENINSULA, CA 90275. Full name of registrant(s) is (are) JOHN ADAMS, 4000 KENSINGTON AVE, FULLERTON, CA
Mountain View News 80 W Sierra Madre Blvd. No. 327 Sierra Madre, Ca. 91024 Office: 626.355.2737 Fax: 626.609.3285 Email: editor@mtnviewsnews.com Website: www.mtnviewsnews.com
